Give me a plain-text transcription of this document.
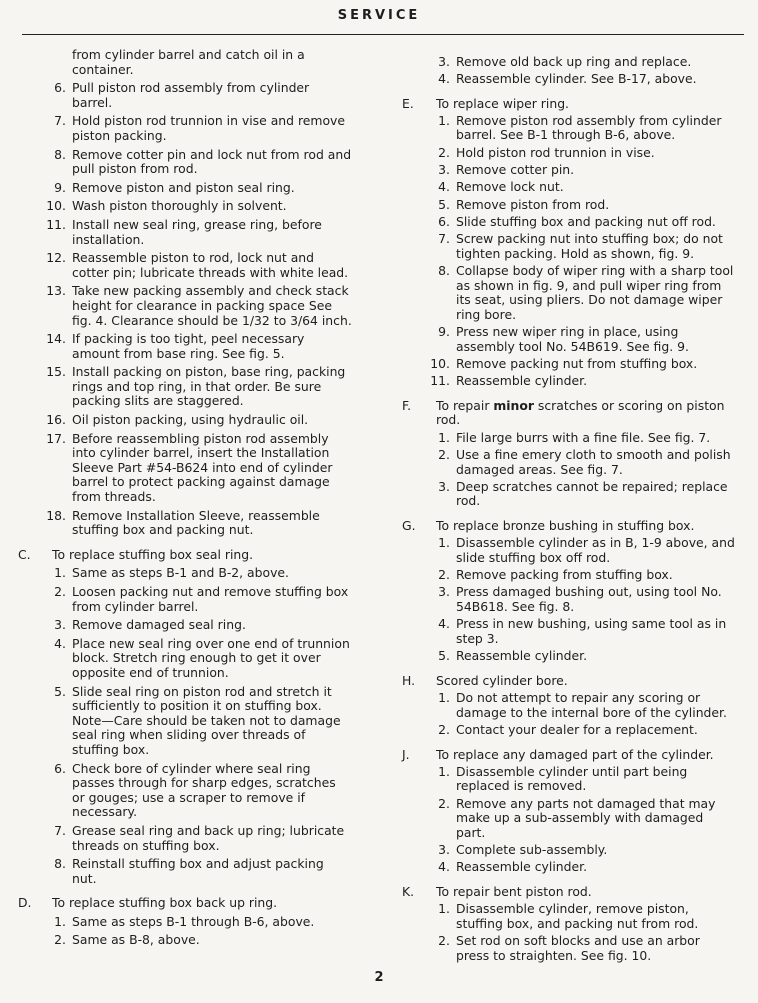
SERVICE

from cylinder barrel and catch oil in a container.

6. Pull piston rod assembly from cylinder barrel.

7. Hold piston rod trunnion in vise and remove piston packing.

8. Remove cotter pin and lock nut from rod and pull piston from rod.

9. Remove piston and piston seal ring.

10. Wash piston thoroughly in solvent.

11. Install new seal ring, grease ring, before installation.

12. Reassemble piston to rod, lock nut and cotter pin; lubricate threads with white lead.

13. Take new packing assembly and check stack height for clearance in packing space See fig. 4. Clearance should be 1/32 to 3/64 inch.

14. If packing is too tight, peel necessary amount from base ring. See fig. 5.

15. Install packing on piston, base ring, packing rings and top ring, in that order. Be sure packing slits are staggered.

16. Oil piston packing, using hydraulic oil.

17. Before reassembling piston rod assembly into cylinder barrel, insert the Installation Sleeve Part #54-B624 into end of cylinder barrel to protect packing against damage from threads.

18. Remove Installation Sleeve, reassemble stuffing box and packing nut.

C.	To replace stuffing box seal ring.

1. Same as steps B-1 and B-2, above.

2. Loosen packing nut and remove stuffing box from cylinder barrel.

3. Remove damaged seal ring.

4. Place new seal ring over one end of trunnion block. Stretch ring enough to get it over opposite end of trunnion.

5. Slide seal ring on piston rod and stretch it sufficiently to position it on stuffing box. Note—Care should be taken not to damage seal ring when sliding over threads of stuffing box.

6. Check bore of cylinder where seal ring passes through for sharp edges, scratches or gouges; use a scraper to remove if necessary.

7. Grease seal ring and back up ring; lubricate threads on stuffing box.

8. Reinstall stuffing box and adjust packing nut.

D.	To replace stuffing box back up ring.

1. Same as steps B-1 through B-6, above.

2. Same as B-8, above.

3. Remove old back up ring and replace.

4. Reassemble cylinder. See B-17, above.

E.	To replace wiper ring.

1. Remove piston rod assembly from cylinder barrel. See B-1 through B-6, above.

2. Hold piston rod trunnion in vise.

3. Remove cotter pin.

4. Remove lock nut.

5. Remove piston from rod.

6. Slide stuffing box and packing nut off rod.

7. Screw packing nut into stuffing box; do not tighten packing. Hold as shown, fig. 9.

8. Collapse body of wiper ring with a sharp tool as shown in fig. 9, and pull wiper ring from its seat, using pliers. Do not damage wiper ring bore.

9. Press new wiper ring in place, using assembly tool No. 54B619. See fig. 9.

10. Remove packing nut from stuffing box.

11. Reassemble cylinder.

F.	To repair minor scratches or scoring on piston rod.

1. File large burrs with a fine file. See fig. 7.

2. Use a fine emery cloth to smooth and polish damaged areas. See fig. 7.

3. Deep scratches cannot be repaired; replace rod.

G.	To replace bronze bushing in stuffing box.

1. Disassemble cylinder as in B, 1-9 above, and slide stuffing box off rod.

2. Remove packing from stuffing box.

3. Press damaged bushing out, using tool No. 54B618. See fig. 8.

4. Press in new bushing, using same tool as in step 3.

5. Reassemble cylinder.

H.	Scored cylinder bore.

1. Do not attempt to repair any scoring or damage to the internal bore of the cylinder.

2. Contact your dealer for a replacement.

J.	To replace any damaged part of the cylinder.

1. Disassemble cylinder until part being replaced is removed.

2. Remove any parts not damaged that may make up a sub-assembly with damaged part.

3. Complete sub-assembly.

4. Reassemble cylinder.

K.	To repair bent piston rod.

1. Disassemble cylinder, remove piston, stuffing box, and packing nut from rod.

2. Set rod on soft blocks and use an arbor press to straighten. See fig. 10.

2
